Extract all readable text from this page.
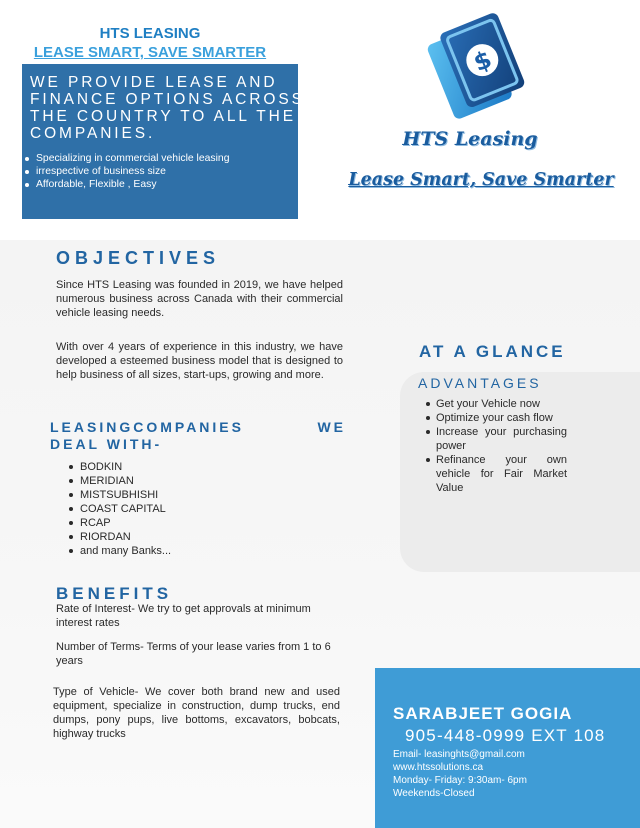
HTS LEASING
LEASE SMART, SAVE SMARTER
WE PROVIDE LEASE AND FINANCE OPTIONS ACROSS THE COUNTRY TO ALL THE COMPANIES.
Specializing in commercial vehicle leasing
irrespective of business size
Affordable, Flexible , Easy
$
HTS Leasing
Lease Smart, Save Smarter
OBJECTIVES
Since HTS Leasing was founded in 2019, we have helped numerous business across Canada with their commercial vehicle leasing needs.
With over 4 years of experience in this industry, we have developed a esteemed business model that is designed to help business of all sizes, start-ups, growing and more.
LEASINGCOMPANIES	WE
DEAL WITH-
BODKIN
MERIDIAN
MISTSUBHISHI
COAST CAPITAL
RCAP
RIORDAN
and many Banks...
BENEFITS
Rate of Interest- We try to get approvals at minimum interest rates
Number of Terms- Terms of your lease varies from 1 to 6 years
Type of Vehicle- We cover both brand new and used equipment, specialize in construction, dump trucks, end dumps, pony pups, live bottoms, excavators, bobcats, highway trucks
AT A GLANCE
ADVANTAGES
Get your Vehicle now
Optimize your cash flow
Increase your purchasing power
Refinance your own vehicle for Fair Market Value
SARABJEET GOGIA
905-448-0999 EXT 108
Email- leasinghts@gmail.com
www.htssolutions.ca
Monday- Friday: 9:30am- 6pm
Weekends-Closed
